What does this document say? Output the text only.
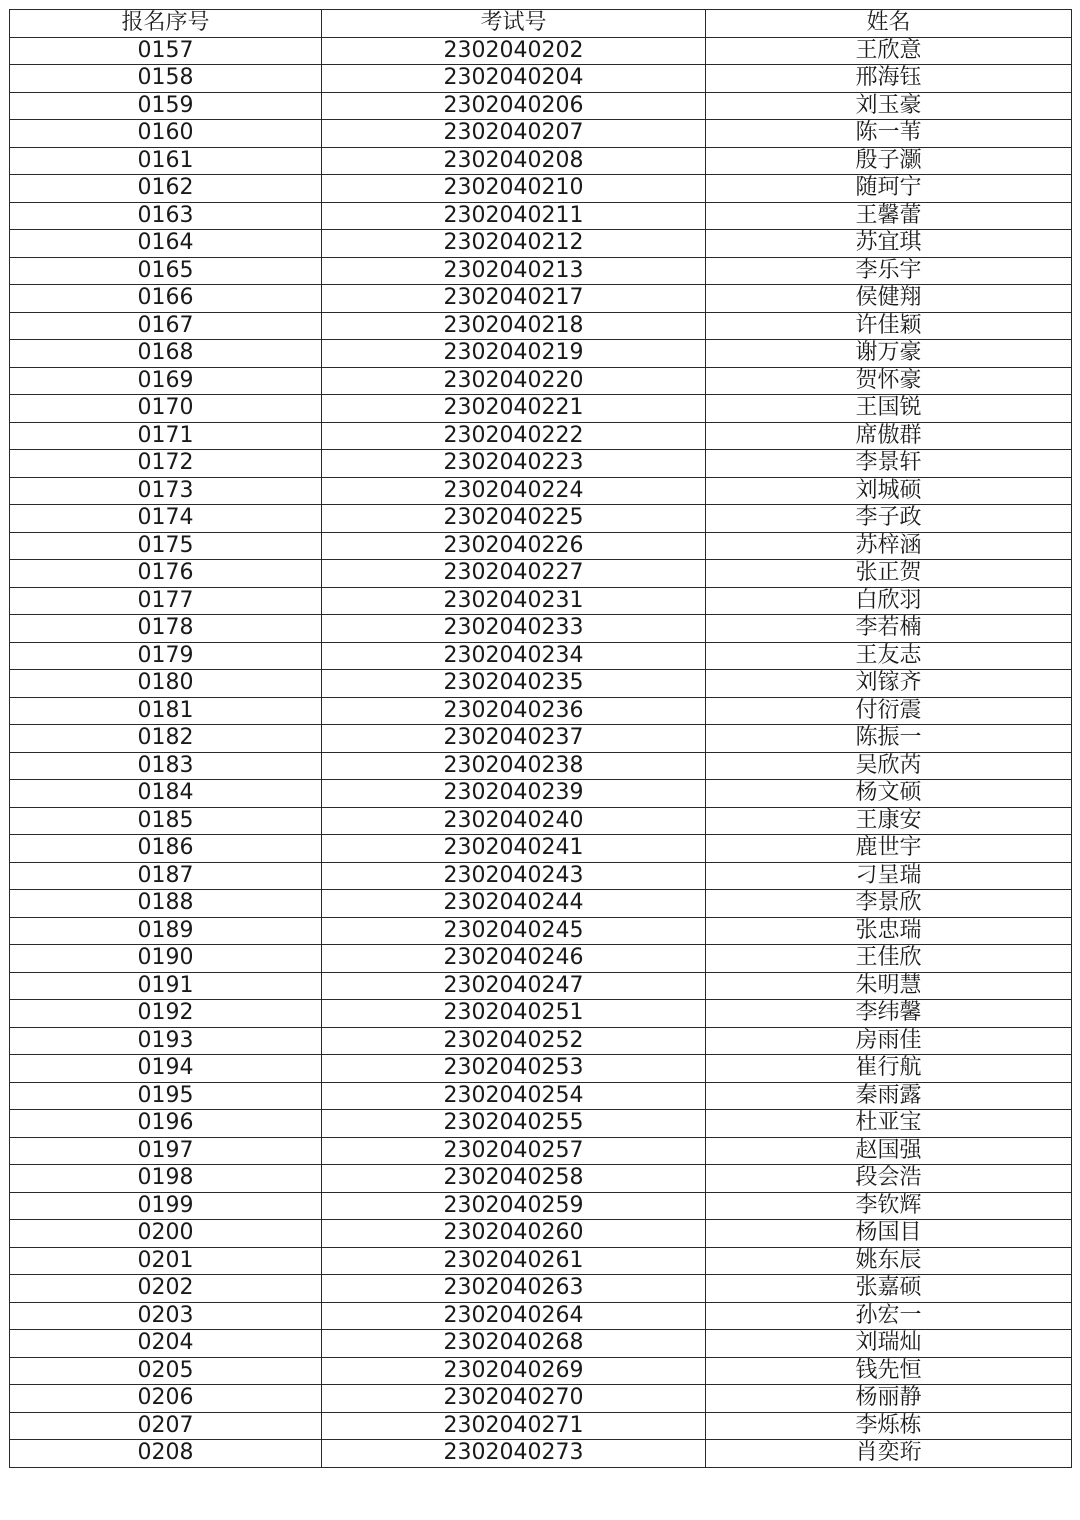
报名序号	考试号	姓名
0157	2302040202	王欣意
0158	2302040204	邢海钰
0159	2302040206	刘玉豪
0160	2302040207	陈一苇
0161	2302040208	殷子灏
0162	2302040210	随珂宁
0163	2302040211	王馨蕾
0164	2302040212	苏宜琪
0165	2302040213	李乐宇
0166	2302040217	侯健翔
0167	2302040218	许佳颖
0168	2302040219	谢万豪
0169	2302040220	贺怀豪
0170	2302040221	王国锐
0171	2302040222	席傲群
0172	2302040223	李景轩
0173	2302040224	刘城硕
0174	2302040225	李子政
0175	2302040226	苏梓涵
0176	2302040227	张正贺
0177	2302040231	白欣羽
0178	2302040233	李若楠
0179	2302040234	王友志
0180	2302040235	刘镓齐
0181	2302040236	付衍震
0182	2302040237	陈振一
0183	2302040238	吴欣芮
0184	2302040239	杨文硕
0185	2302040240	王康安
0186	2302040241	鹿世宇
0187	2302040243	刁呈瑞
0188	2302040244	李景欣
0189	2302040245	张忠瑞
0190	2302040246	王佳欣
0191	2302040247	朱明慧
0192	2302040251	李纬馨
0193	2302040252	房雨佳
0194	2302040253	崔行航
0195	2302040254	秦雨露
0196	2302040255	杜亚宝
0197	2302040257	赵国强
0198	2302040258	段会浩
0199	2302040259	李钦辉
0200	2302040260	杨国目
0201	2302040261	姚东辰
0202	2302040263	张嘉硕
0203	2302040264	孙宏一
0204	2302040268	刘瑞灿
0205	2302040269	钱先恒
0206	2302040270	杨丽静
0207	2302040271	李烁栋
0208	2302040273	肖奕珩
